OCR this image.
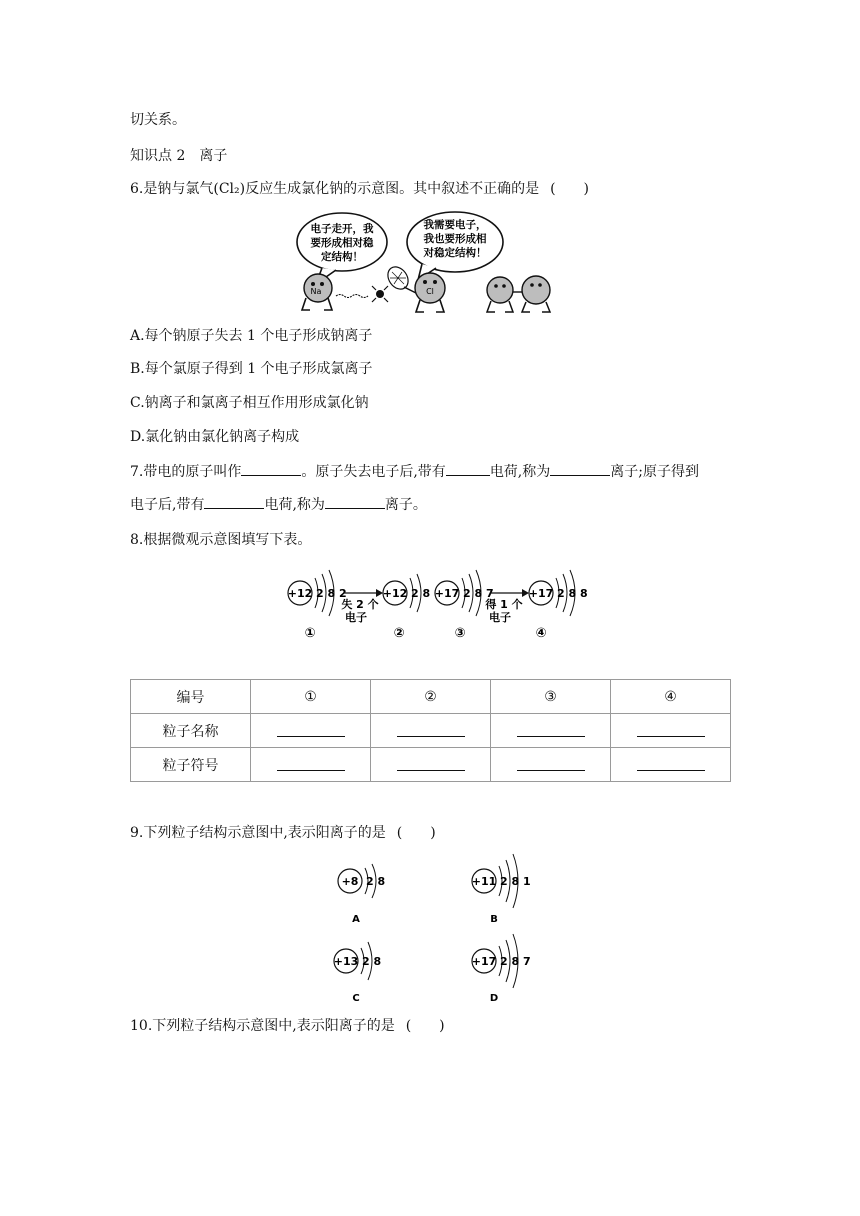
切关系。
知识点 2　离子
6.是钠与氯气(Cl₂)反应生成氯化钠的示意图。其中叙述不正确的是 (   )
电子走开，我
要形成相对稳
定结构！
我需要电子，
我也要形成相
对稳定结构！
Na	Cl
A.每个钠原子失去 1 个电子形成钠离子
B.每个氯原子得到 1 个电子形成氯离子
C.钠离子和氯离子相互作用形成氯化钠
D.氯化钠由氯化钠离子构成
7.带电的原子叫作	。原子失去电子后,带有	电荷,称为	离子;原子得到
电子后,带有	电荷,称为	离子。
8.根据微观示意图填写下表。
+12 2 8 2
失 2 个
电子
+12 2 8 +17 2 8 7
得 1 个
电子
+17 2 8 8
①	②	③	④
编号	①	②	③	④
粒子名称				
粒子符号				
9.下列粒子结构示意图中,表示阳离子的是 (   )
+8 2 8
A
+11 2 8 1
B
+13 2 8
C
+17 2 8 7
D
10.下列粒子结构示意图中,表示阳离子的是 (   )
